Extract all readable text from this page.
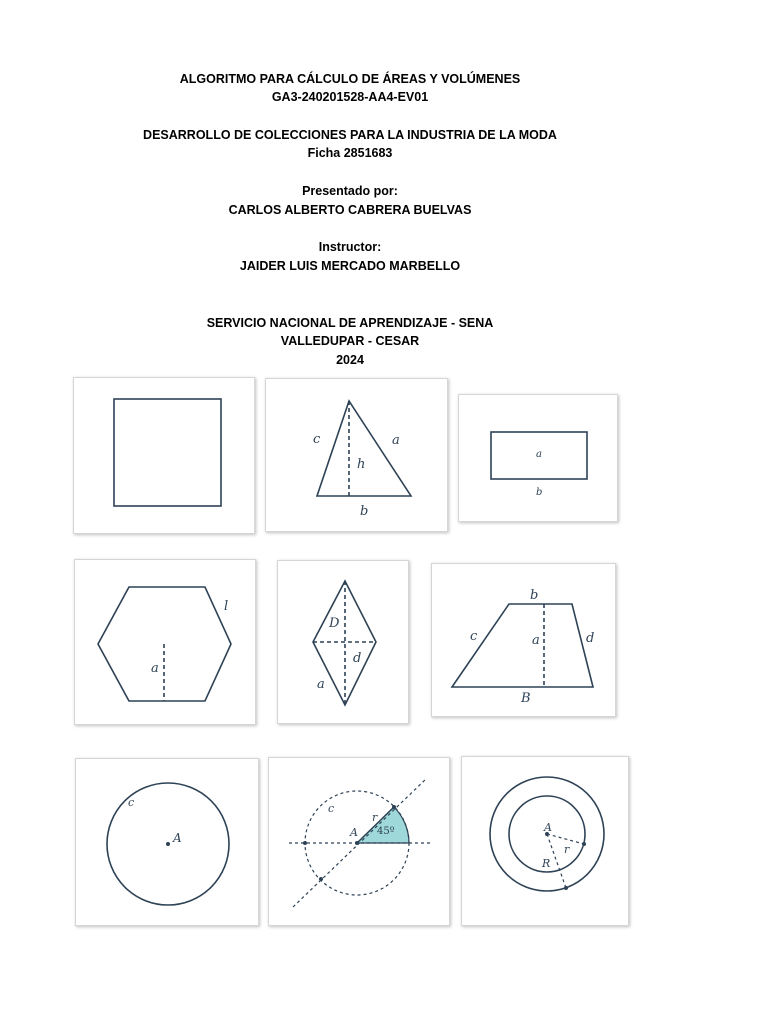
ALGORITMO PARA CÁLCULO DE ÁREAS Y VOLÚMENES
GA3-240201528-AA4-EV01
DESARROLLO DE COLECCIONES PARA LA INDUSTRIA DE LA MODA
Ficha 2851683
Presentado por:
CARLOS ALBERTO CABRERA BUELVAS
Instructor:
JAIDER LUIS MERCADO MARBELLO
SERVICIO NACIONAL DE APRENDIZAJE - SENA
VALLEDUPAR - CESAR
2024
c	a
h
b
a
b
l
a
D
d
a
b
c	a	d
B
c
A
c
r
A 45º	A
r
R
